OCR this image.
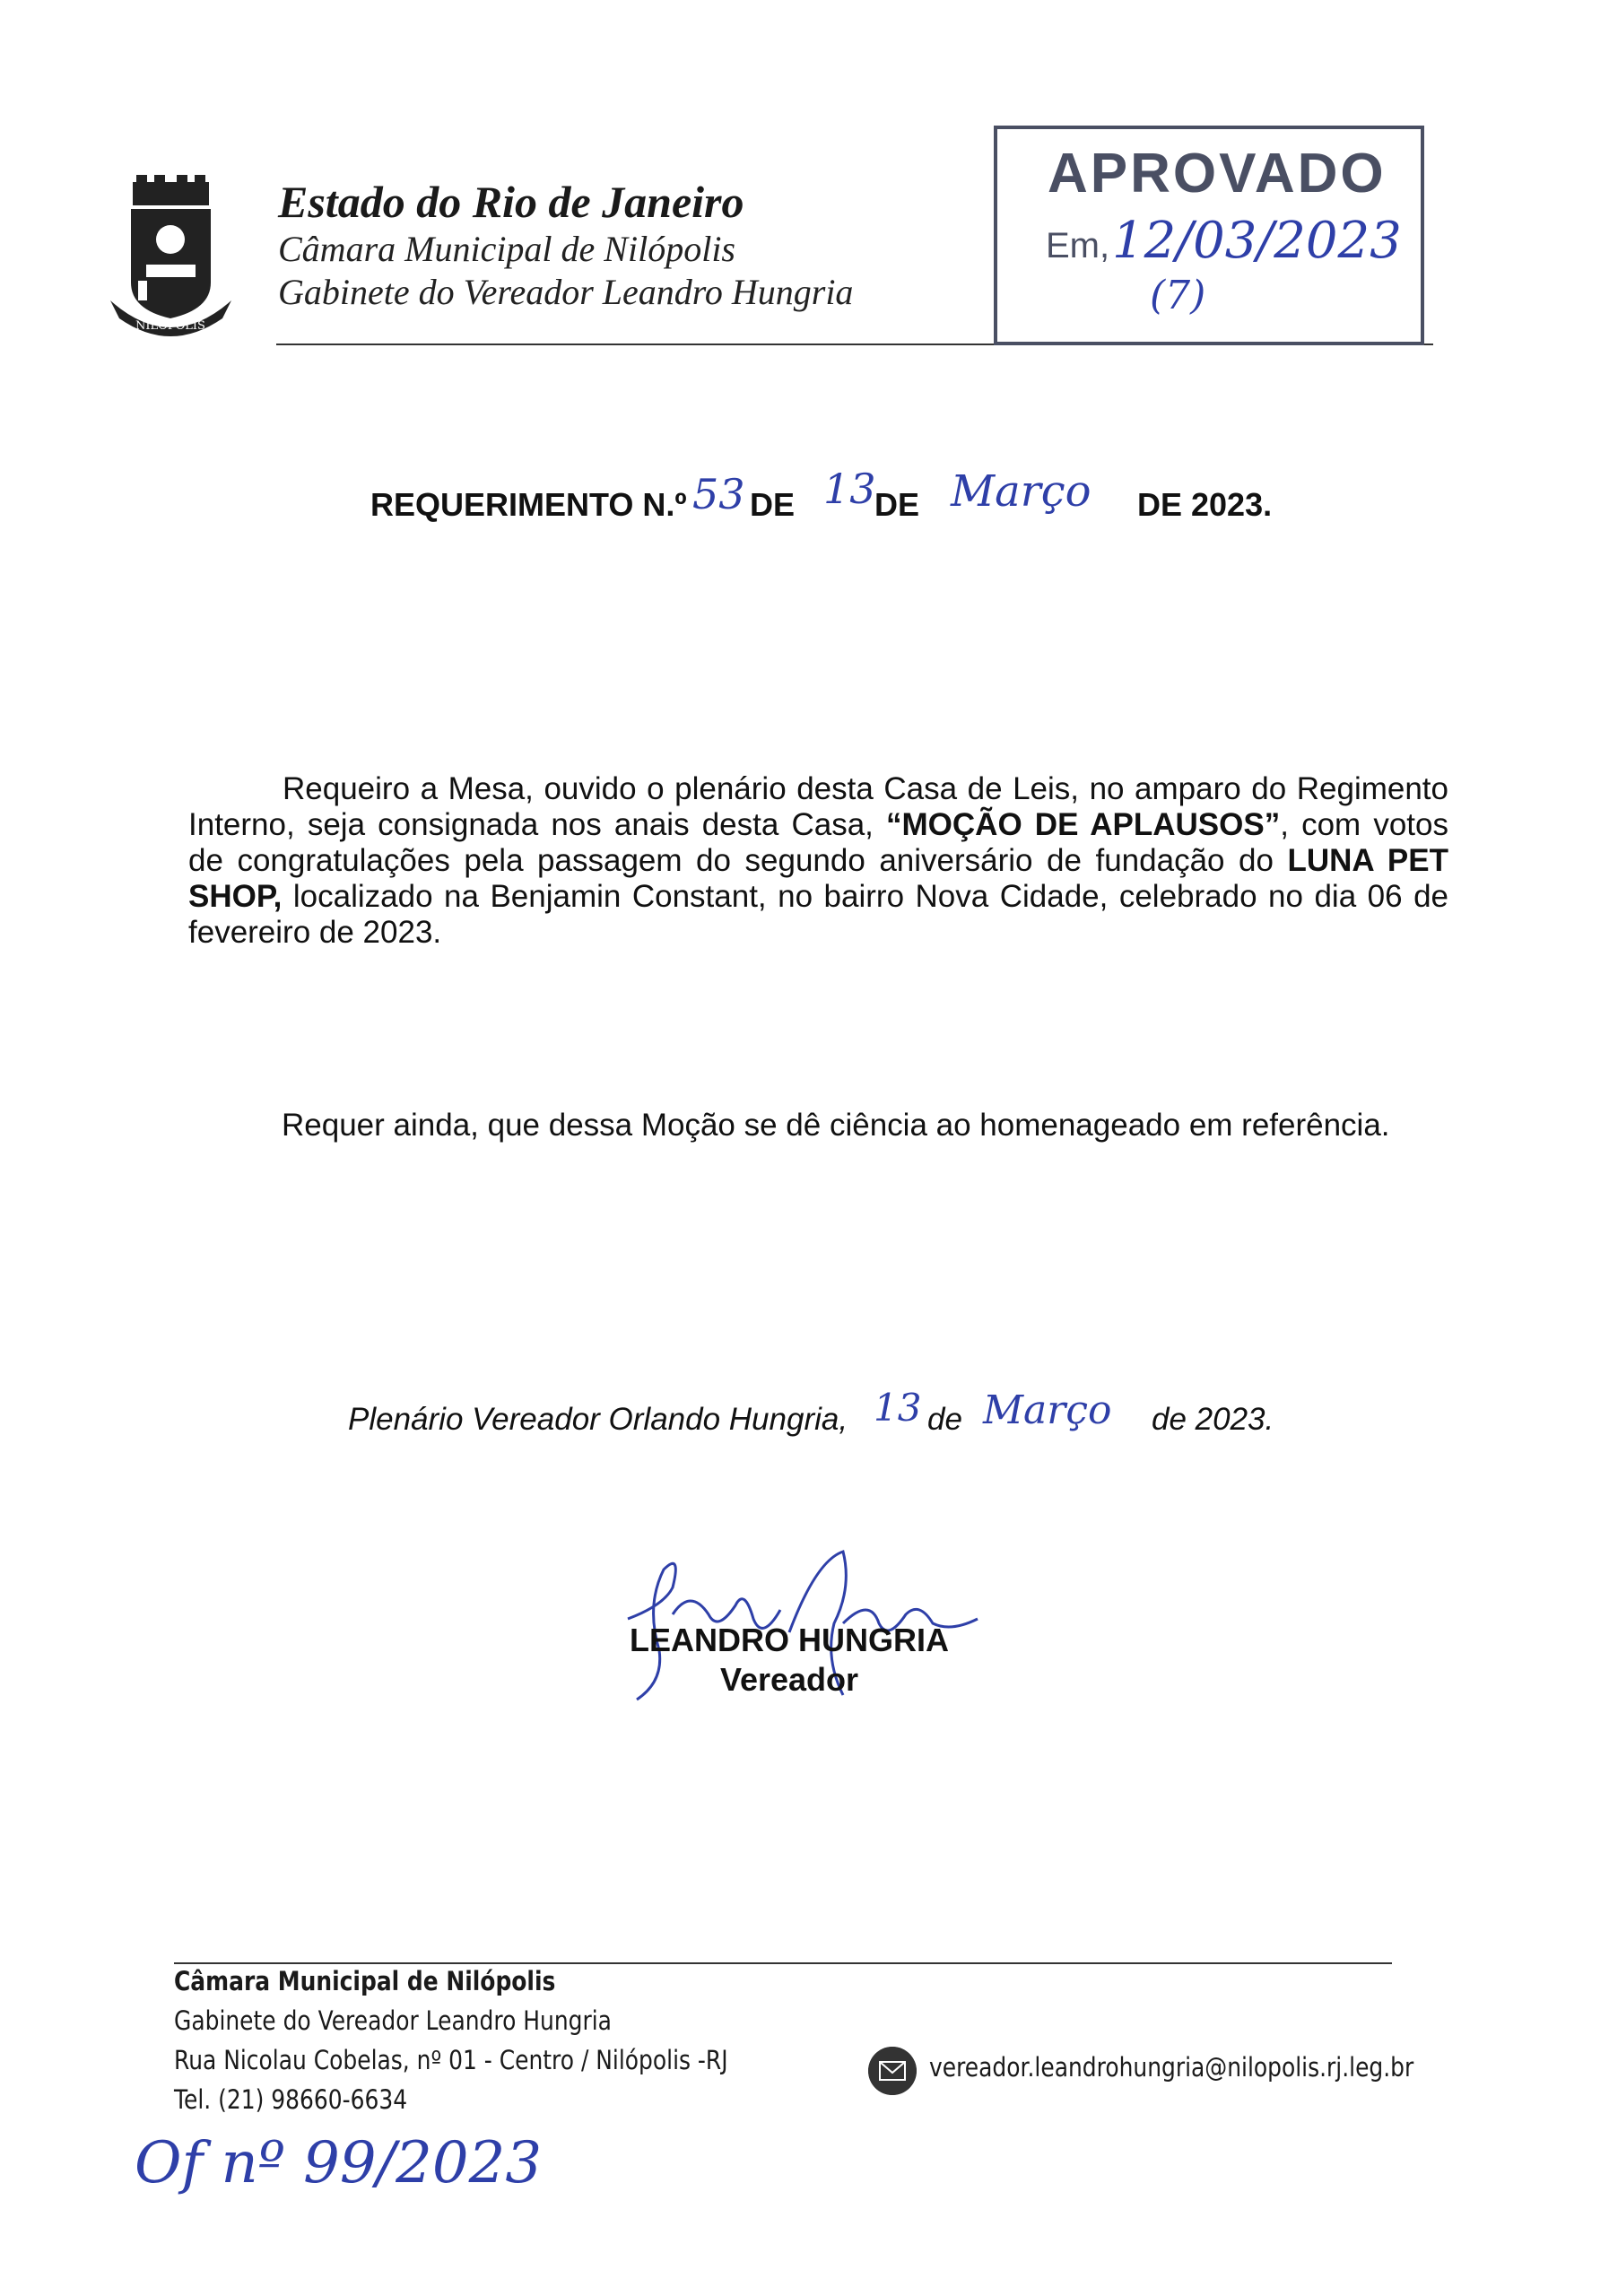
NILOPOLIS
Estado do Rio de Janeiro
Câmara Municipal de Nilópolis
Gabinete do Vereador Leandro Hungria
APROVADO
Em, 12/03/2023
(7)
REQUERIMENTO N.º 53 DE 13
DE Março DE 2023.
Requeiro a Mesa, ouvido o plenário desta Casa de Leis, no amparo do Regimento Interno, seja consignada nos anais desta Casa, “MOÇÃO DE APLAUSOS”, com votos de congratulações pela passagem do segundo aniversário de fundação do LUNA PET SHOP, localizado na Benjamin Constant, no bairro Nova Cidade, celebrado no dia 06 de fevereiro de 2023.
Requer ainda, que dessa Moção se dê ciência ao homenageado em referência.
Plenário Vereador Orlando Hungria, 13 de Março de 2023.
LEANDRO HUNGRIA
Vereador
Câmara Municipal de Nilópolis
Gabinete do Vereador Leandro Hungria
Rua Nicolau Cobelas, nº 01 - Centro / Nilópolis -RJ
Tel. (21) 98660-6634
vereador.leandrohungria@nilopolis.rj.leg.br
Of nº 99/2023
